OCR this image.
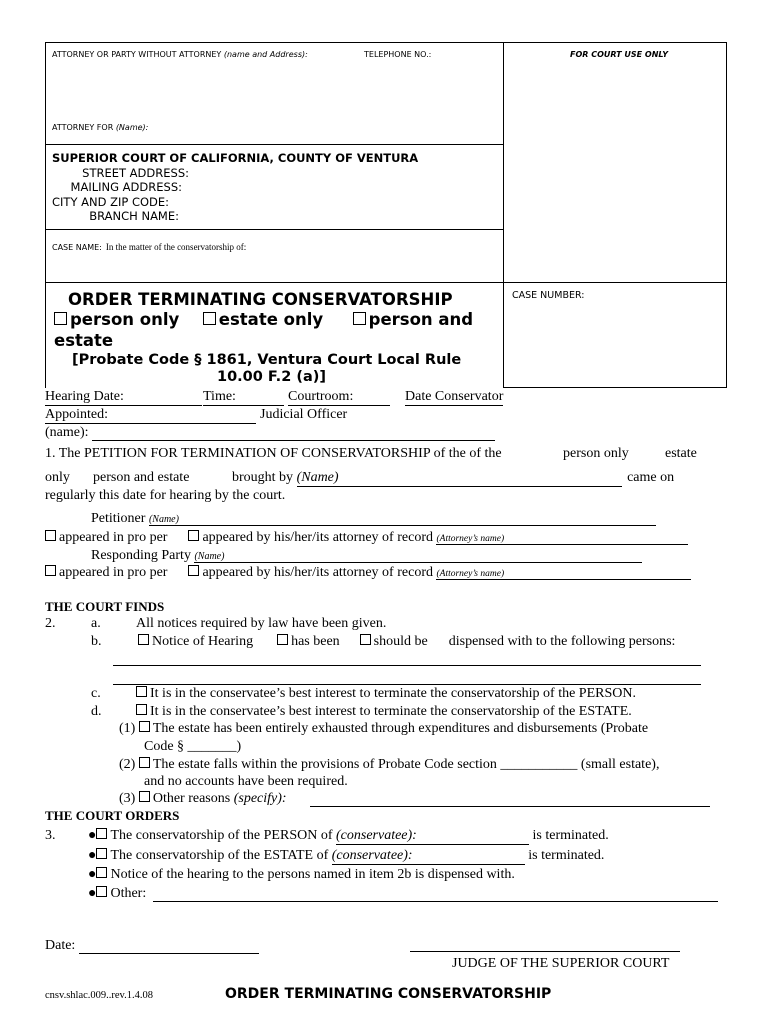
ATTORNEY OR PARTY WITHOUT ATTORNEY (name and Address):	TELEPHONE NO.:	FOR COURT USE ONLY
ATTORNEY FOR (Name):
SUPERIOR COURT OF CALIFORNIA, COUNTY OF VENTURA
STREET ADDRESS:
MAILING ADDRESS:
CITY AND ZIP CODE:
BRANCH NAME:
CASE NAME: In the matter of the conservatorship of:
CASE NUMBER:
ORDER TERMINATING CONSERVATORSHIP
person only estate only	person and
estate
[Probate Code § 1861, Ventura Court Local Rule
10.00 F.2 (a)]
Hearing Date:	Time:	Courtroom:	Date Conservator
Appointed:	Judicial Officer
(name):
1. The PETITION FOR TERMINATION OF CONSERVATORSHIP of the of the	person only	estate
only person and estate	brought by (Name)	came on
regularly this date for hearing by the court.
Petitioner (Name)
appeared in pro per	appeared by his/her/its attorney of record (Attorney’s name)
Responding Party (Name)
appeared in pro per	appeared by his/her/its attorney of record (Attorney’s name)
THE COURT FINDS
2.	a.	All notices required by law have been given.
b.	Notice of Hearing	has been should be dispensed with to the following persons:
c.	It is in the conservatee’s best interest to terminate the conservatorship of the PERSON.
d.	It is in the conservatee’s best interest to terminate the conservatorship of the ESTATE.
(1) The estate has been entirely exhausted through expenditures and disbursements (Probate
Code § _______)
(2) The estate falls within the provisions of Probate Code section ___________ (small estate),
and no accounts have been required.
(3) Other reasons (specify):
THE COURT ORDERS
3. ● The conservatorship of the PERSON of (conservatee):	is terminated.
● The conservatorship of the ESTATE of (conservatee):	is terminated.
● Notice of the hearing to the persons named in item 2b is dispensed with.
● Other:
Date:
JUDGE OF THE SUPERIOR COURT
cnsv.shlac.009..rev.1.4.08	ORDER TERMINATING CONSERVATORSHIP
